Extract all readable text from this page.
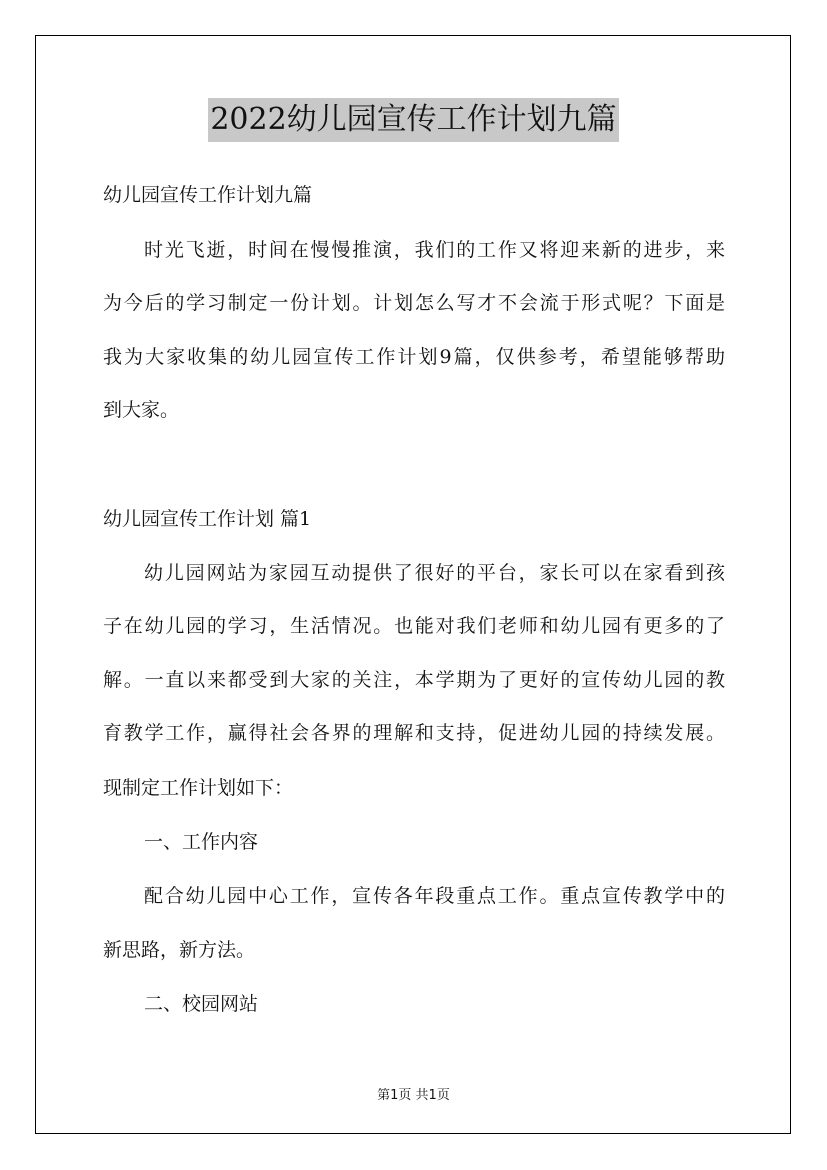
2022幼儿园宣传工作计划九篇
幼儿园宣传工作计划九篇
时光飞逝，时间在慢慢推演，我们的工作又将迎来新的进步，来
为今后的学习制定一份计划。计划怎么写才不会流于形式呢？下面是
我为大家收集的幼儿园宣传工作计划9篇，仅供参考，希望能够帮助
到大家。
幼儿园宣传工作计划 篇1
幼儿园网站为家园互动提供了很好的平台，家长可以在家看到孩
子在幼儿园的学习，生活情况。也能对我们老师和幼儿园有更多的了
解。一直以来都受到大家的关注，本学期为了更好的宣传幼儿园的教
育教学工作，赢得社会各界的理解和支持，促进幼儿园的持续发展。
现制定工作计划如下：
一、工作内容
配合幼儿园中心工作，宣传各年段重点工作。重点宣传教学中的
新思路，新方法。
二、校园网站
第1页 共1页
